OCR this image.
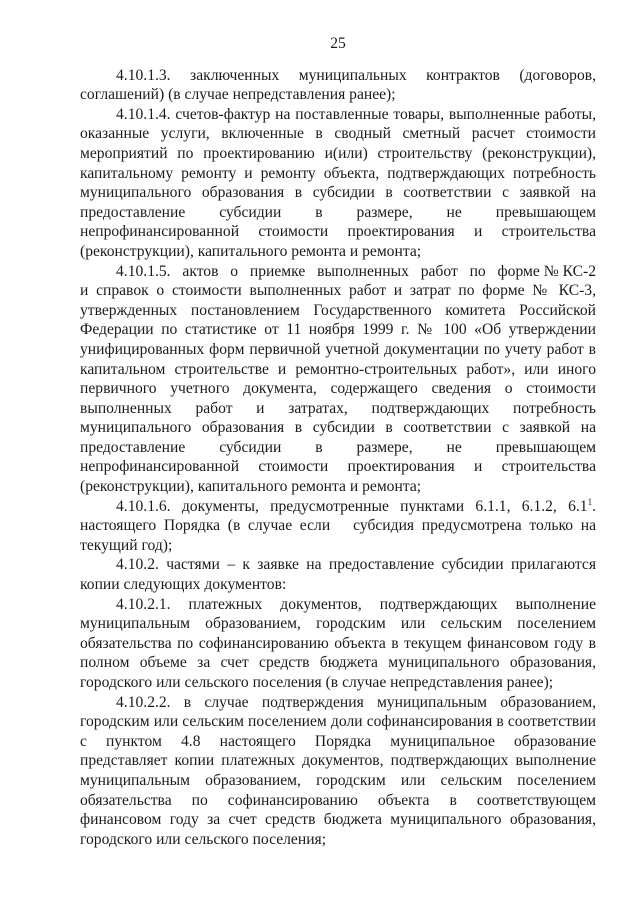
25

4.10.1.3.    заключенных    муниципальных    контрактов    (договоров, соглашений) (в случае непредставления ранее);

4.10.1.4. счетов-фактур на поставленные товары, выполненные работы, оказанные услуги, включенные в сводный сметный расчет стоимости мероприятий по проектированию и(или) строительству (реконструкции), капитальному ремонту и ремонту объекта, подтверждающих потребность муниципального образования в субсидии в соответствии с заявкой на предоставление субсидии в размере, не превышающем непрофинансированной стоимости проектирования и строительства (реконструкции), капитального ремонта и ремонта;

4.10.1.5.   актов   о   приемке   выполненных   работ   по   форме № КС-2 и справок о стоимости выполненных работ и затрат по форме № КС-3, утвержденных постановлением Государственного комитета Российской Федерации по статистике от 11 ноября 1999 г. № 100 «Об утверждении унифицированных форм первичной учетной документации по учету работ в капитальном строительстве и ремонтно-строительных работ», или иного первичного учетного документа, содержащего сведения о стоимости выполненных работ и затратах, подтверждающих потребность муниципального образования в субсидии в соответствии с заявкой на предоставление субсидии в размере, не превышающем непрофинансированной стоимости проектирования и строительства (реконструкции), капитального ремонта и ремонта;

4.10.1.6. документы, предусмотренные пунктами 6.1.1, 6.1.2, $6.1^1$. настоящего Порядка (в случае если   субсидия предусмотрена только на текущий год);

4.10.2. частями – к заявке на предоставление субсидии прилагаются копии следующих документов:

4.10.2.1.   платежных   документов,   подтверждающих   выполнение муниципальным образованием, городским или сельским поселением обязательства по софинансированию объекта в текущем финансовом году в полном объеме за счет средств бюджета муниципального образования, городского или сельского поселения (в случае непредставления ранее);

4.10.2.2. в случае подтверждения муниципальным образованием, городским или сельским поселением доли софинансирования в соответствии с пунктом 4.8 настоящего Порядка муниципальное образование представляет копии платежных документов, подтверждающих выполнение муниципальным образованием, городским или сельским поселением обязательства по софинансированию объекта в соответствующем финансовом году за счет средств бюджета муниципального образования, городского или сельского поселения;
